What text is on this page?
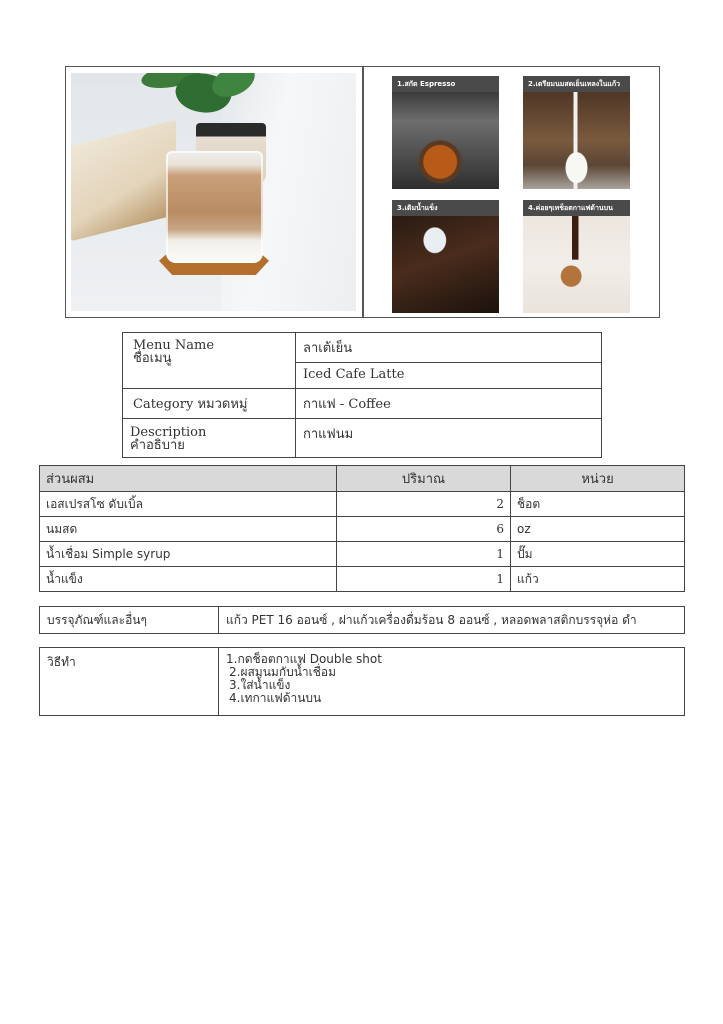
1.สกัด Espresso	2.เตรียมนมสดเย็นเทลงในแก้ว
3.เติมน้ำแข็ง	4.ค่อยๆเทช็อตกาแฟด้านบน
Menu Name
ชื่อเมนู	ลาเต้เย็น
	Iced Cafe Latte
Category หมวดหมู่	กาแฟ - Coffee

Description
คำอธิบาย	กาแฟนม
ส่วนผสม	ปริมาณ	หน่วย
เอสเปรสโซ ดับเบิ้ล	2	ช็อต
นมสด	6	oz
น้ำเชื่อม Simple syrup	1	ปั๊ม
น้ำแข็ง	1	แก้ว
บรรจุภัณฑ์และอื่นๆ	แก้ว PET 16 ออนซ์ , ฝาแก้วเครื่องดื่มร้อน 8 ออนซ์ , หลอดพลาสติกบรรจุห่อ ดำ
วิธีทำ	1.กดช็อตกาแฟ Double shot
2.ผสมนมกับน้ำเชื่อม
3.ใส่น้ำแข็ง
4.เทกาแฟด้านบน
